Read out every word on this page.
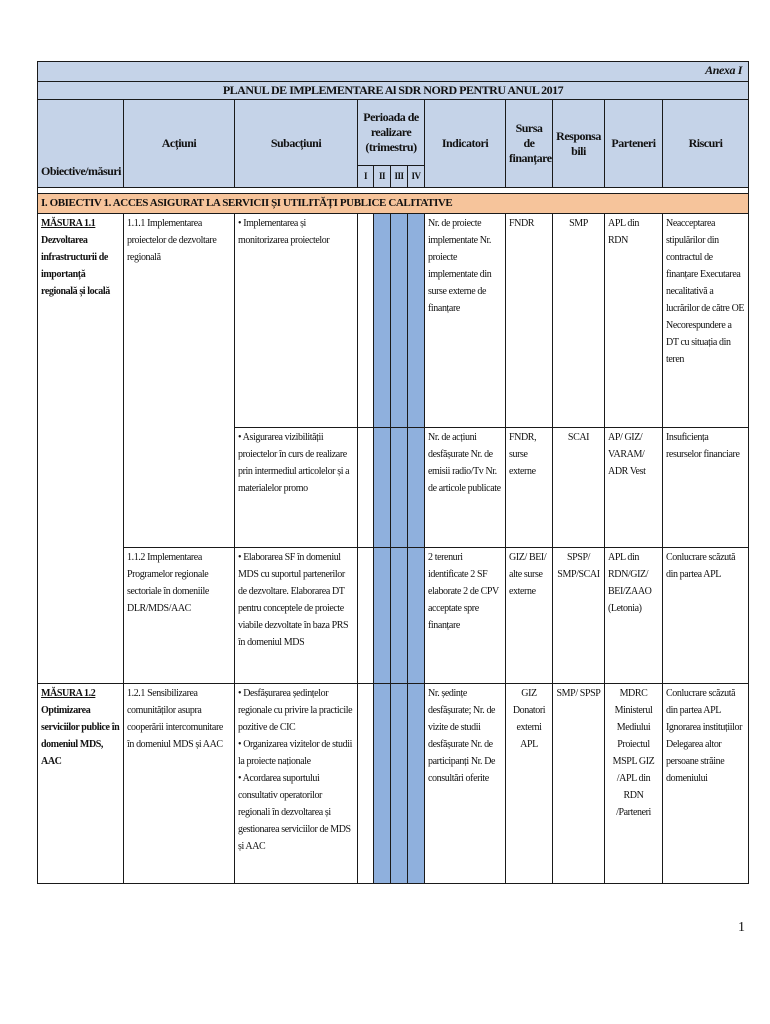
Anexa I											
PLANUL DE IMPLEMENTARE Al SDR NORD PENTRU ANUL 2017											
Obiective/măsuri	Acțiuni	Subacțiuni	Perioada de realizare (trimestru)				Indicatori	Sursa de finanțare	Responsa bili	Parteneri	Riscuri
			I	II	III	IV					

I. OBIECTIV 1. ACCES ASIGURAT LA SERVICII ȘI UTILITĂȚI PUBLICE CALITATIVE											

MĂSURA 1.1
Dezvoltarea infrastructurii de importanță regională și locală	1.1.1 Implementarea proiectelor de dezvoltare regională	• Implementarea și monitorizarea proiectelor					Nr. de proiecte implementate Nr. proiecte implementate din surse externe de finanțare	FNDR	SMP	APL din RDN	Neacceptarea stipulărilor din contractul de finanțare Executarea necalitativă a lucrărilor de către OE Necorespundere a DT cu situația din teren

		• Asigurarea vizibilității proiectelor în curs de realizare prin intermediul articolelor și a materialelor promo					Nr. de acțiuni desfășurate Nr. de emisii radio/Tv Nr. de articole publicate	FNDR, surse externe	SCAI	AP/ GIZ/ VARAM/ ADR Vest	Insuficiența resurselor financiare
	1.1.2 Implementarea Programelor regionale sectoriale în domeniile DLR/MDS/AAC	• Elaborarea SF în domeniul MDS cu suportul partenerilor de dezvoltare. Elaborarea DT pentru conceptele de proiecte viabile dezvoltate în baza PRS în domeniul MDS					2 terenuri identificate 2 SF elaborate 2 de CPV acceptate spre finanțare	GIZ/ BEI/ alte surse externe	SPSP/ SMP/SCAI	APL din RDN/GIZ/ BEI/ZAAO (Letonia)	Conlucrare scăzută din partea APL

MĂSURA 1.2
Optimizarea serviciilor publice în domeniul MDS, AAC	1.2.1 Sensibilizarea comunităților asupra cooperării intercomunitare în domeniul MDS și AAC	• Desfășurarea ședințelor regionale cu privire la practicile pozitive de CIC
• Organizarea vizitelor de studii la proiecte naționale
• Acordarea suportului consultativ operatorilor regionali în dezvoltarea și gestionarea serviciilor de MDS și AAC					Nr. ședințe desfășurate; Nr. de vizite de studii desfășurate Nr. de participanți Nr. De consultări oferite	GIZ Donatori externi APL	SMP/ SPSP	MDRC Ministerul Mediului Proiectul MSPL GIZ /APL din RDN /Parteneri	Conlucrare scăzută din partea APL Ignorarea instituțiilor Delegarea altor persoane străine domeniului
1
